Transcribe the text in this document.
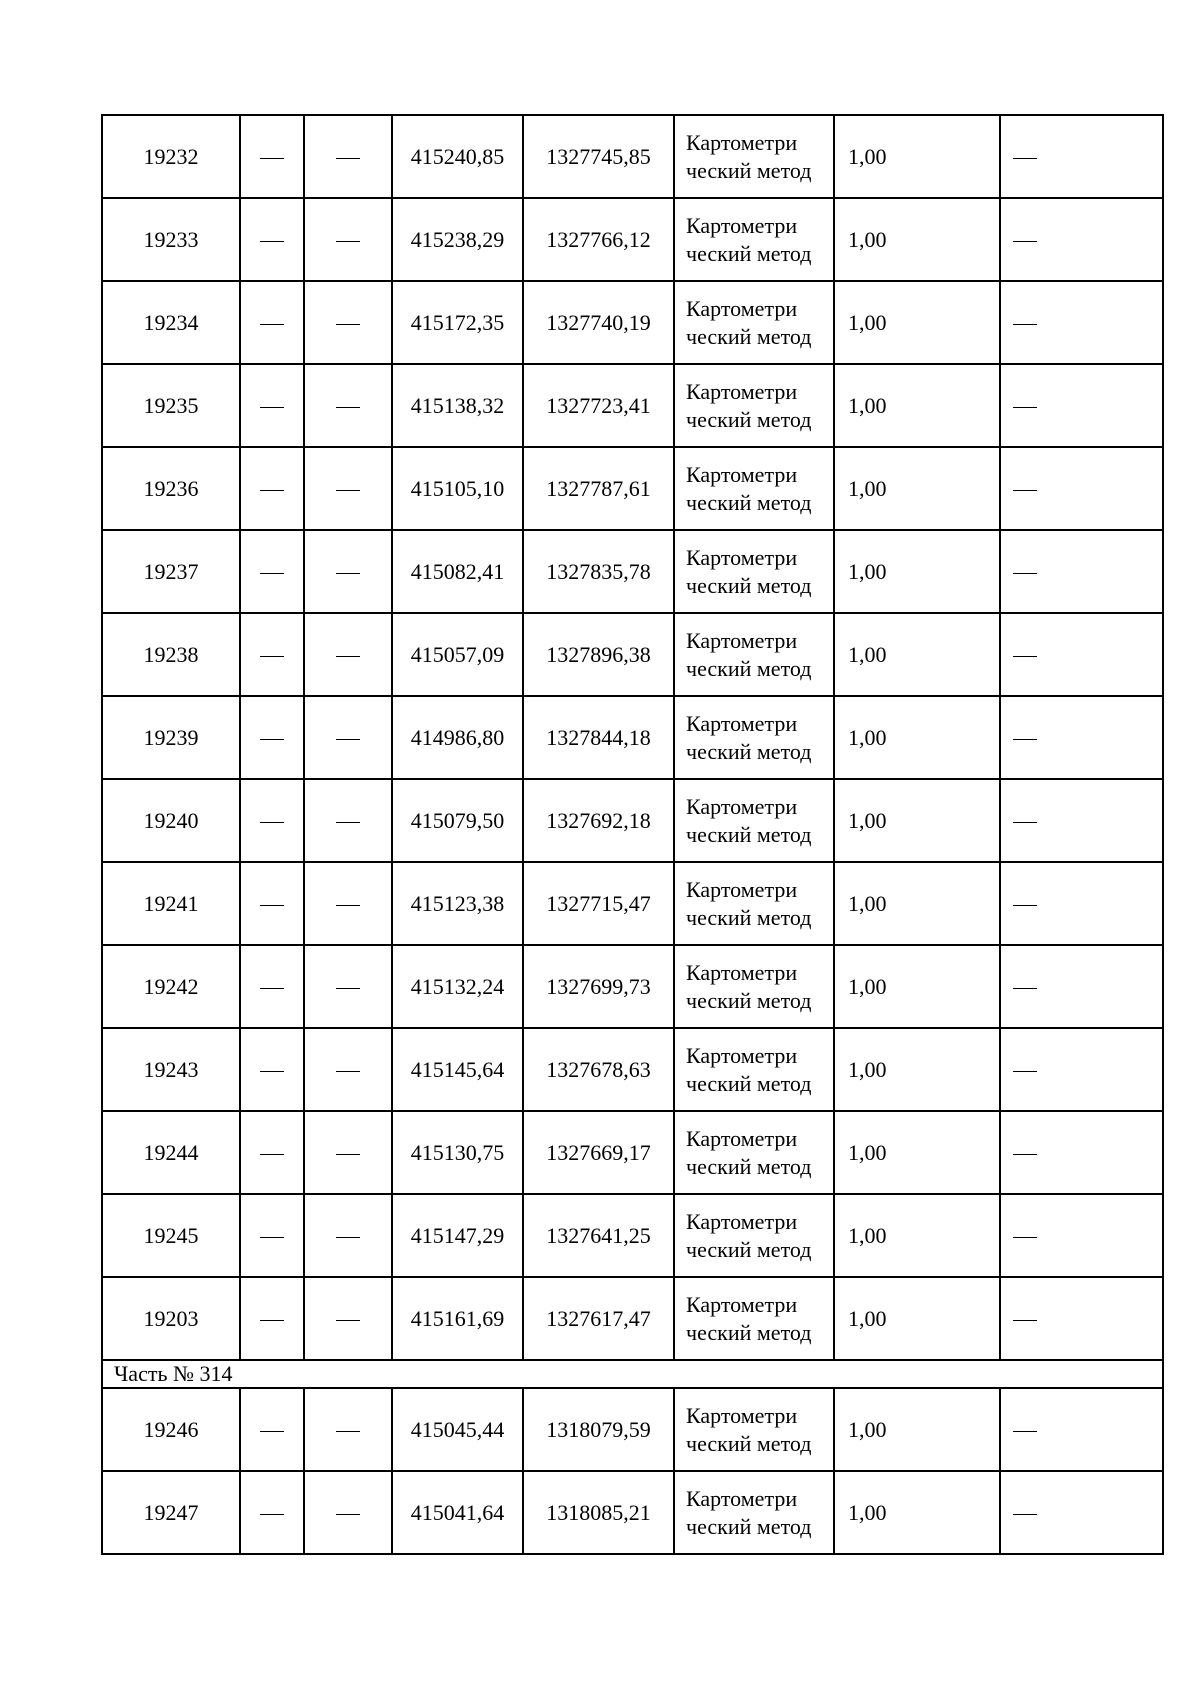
19232			415240,85	1327745,85	Картометри ческий метод	1,00	
19233			415238,29	1327766,12	Картометри ческий метод	1,00	
19234			415172,35	1327740,19	Картометри ческий метод	1,00	
19235			415138,32	1327723,41	Картометри ческий метод	1,00	
19236			415105,10	1327787,61	Картометри ческий метод	1,00	
19237			415082,41	1327835,78	Картометри ческий метод	1,00	
19238			415057,09	1327896,38	Картометри ческий метод	1,00	
19239			414986,80	1327844,18	Картометри ческий метод	1,00	
19240			415079,50	1327692,18	Картометри ческий метод	1,00	
19241			415123,38	1327715,47	Картометри ческий метод	1,00	
19242			415132,24	1327699,73	Картометри ческий метод	1,00	
19243			415145,64	1327678,63	Картометри ческий метод	1,00	
19244			415130,75	1327669,17	Картометри ческий метод	1,00	
19245			415147,29	1327641,25	Картометри ческий метод	1,00	
19203			415161,69	1327617,47	Картометри ческий метод	1,00	
Часть № 314							
19246			415045,44	1318079,59	Картометри ческий метод	1,00	
19247			415041,64	1318085,21	Картометри ческий метод	1,00	
